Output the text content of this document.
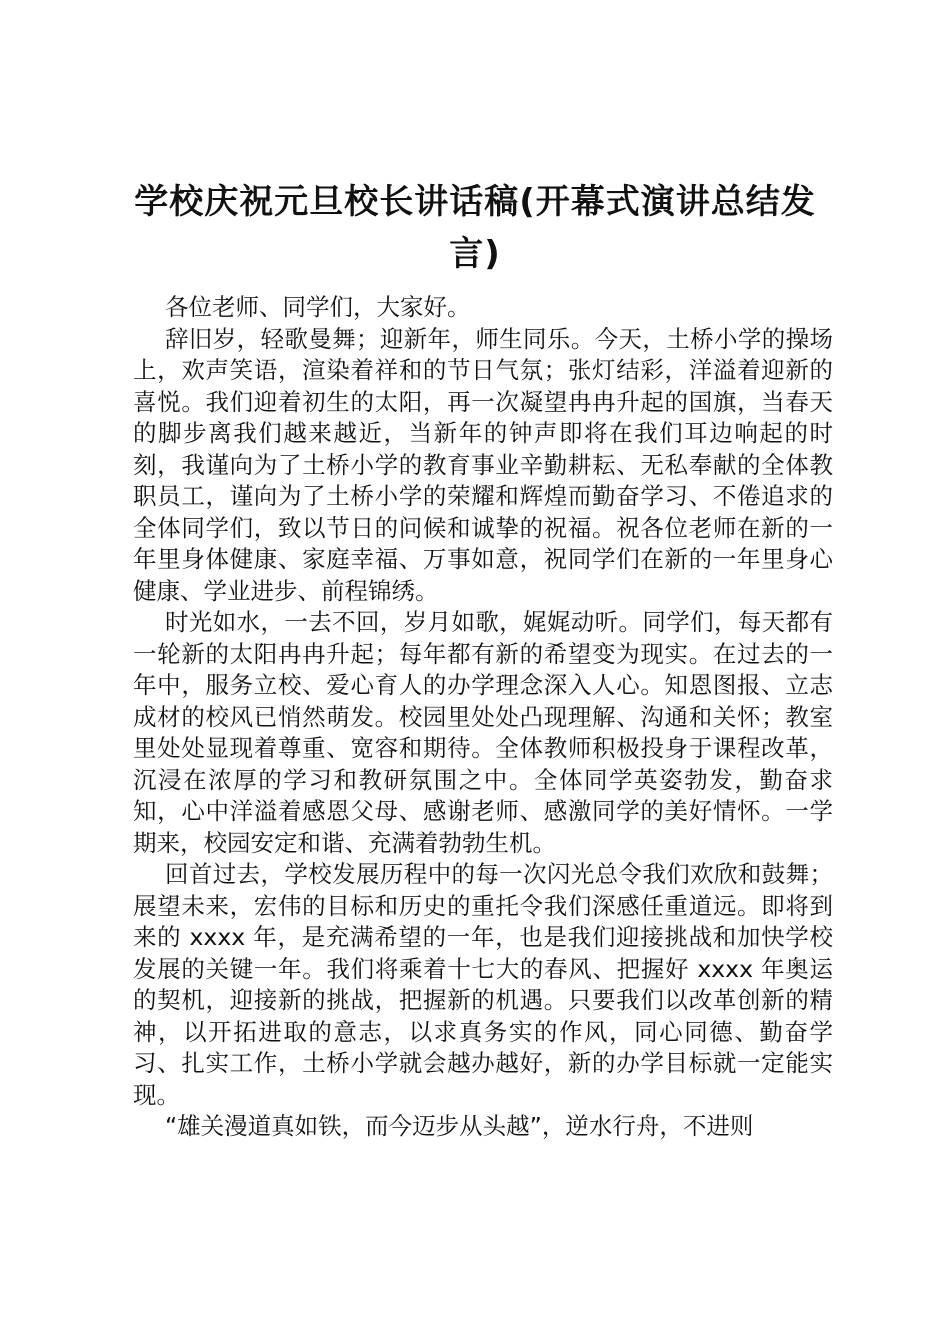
学校庆祝元旦校长讲话稿(开幕式演讲总结发言)

各位老师、同学们，大家好。

辞旧岁，轻歌曼舞；迎新年，师生同乐。今天，土桥小学的操场上，欢声笑语，渲染着祥和的节日气氛；张灯结彩，洋溢着迎新的喜悦。我们迎着初生的太阳，再一次凝望冉冉升起的国旗，当春天的脚步离我们越来越近，当新年的钟声即将在我们耳边响起的时刻，我谨向为了土桥小学的教育事业辛勤耕耘、无私奉献的全体教职员工，谨向为了土桥小学的荣耀和辉煌而勤奋学习、不倦追求的全体同学们，致以节日的问候和诚挚的祝福。祝各位老师在新的一年里身体健康、家庭幸福、万事如意，祝同学们在新的一年里身心健康、学业进步、前程锦绣。

时光如水，一去不回，岁月如歌，娓娓动听。同学们，每天都有一轮新的太阳冉冉升起；每年都有新的希望变为现实。在过去的一年中，服务立校、爱心育人的办学理念深入人心。知恩图报、立志成材的校风已悄然萌发。校园里处处凸现理解、沟通和关怀；教室里处处显现着尊重、宽容和期待。全体教师积极投身于课程改革，沉浸在浓厚的学习和教研氛围之中。全体同学英姿勃发，勤奋求知，心中洋溢着感恩父母、感谢老师、感激同学的美好情怀。一学期来，校园安定和谐、充满着勃勃生机。

回首过去，学校发展历程中的每一次闪光总令我们欢欣和鼓舞；展望未来，宏伟的目标和历史的重托令我们深感任重道远。即将到来的 xxxx 年，是充满希望的一年，也是我们迎接挑战和加快学校发展的关键一年。我们将乘着十七大的春风、把握好 xxxx 年奥运的契机，迎接新的挑战，把握新的机遇。只要我们以改革创新的精神，以开拓进取的意志，以求真务实的作风，同心同德、勤奋学习、扎实工作，土桥小学就会越办越好，新的办学目标就一定能实现。

“雄关漫道真如铁，而今迈步从头越”，逆水行舟，不进则
